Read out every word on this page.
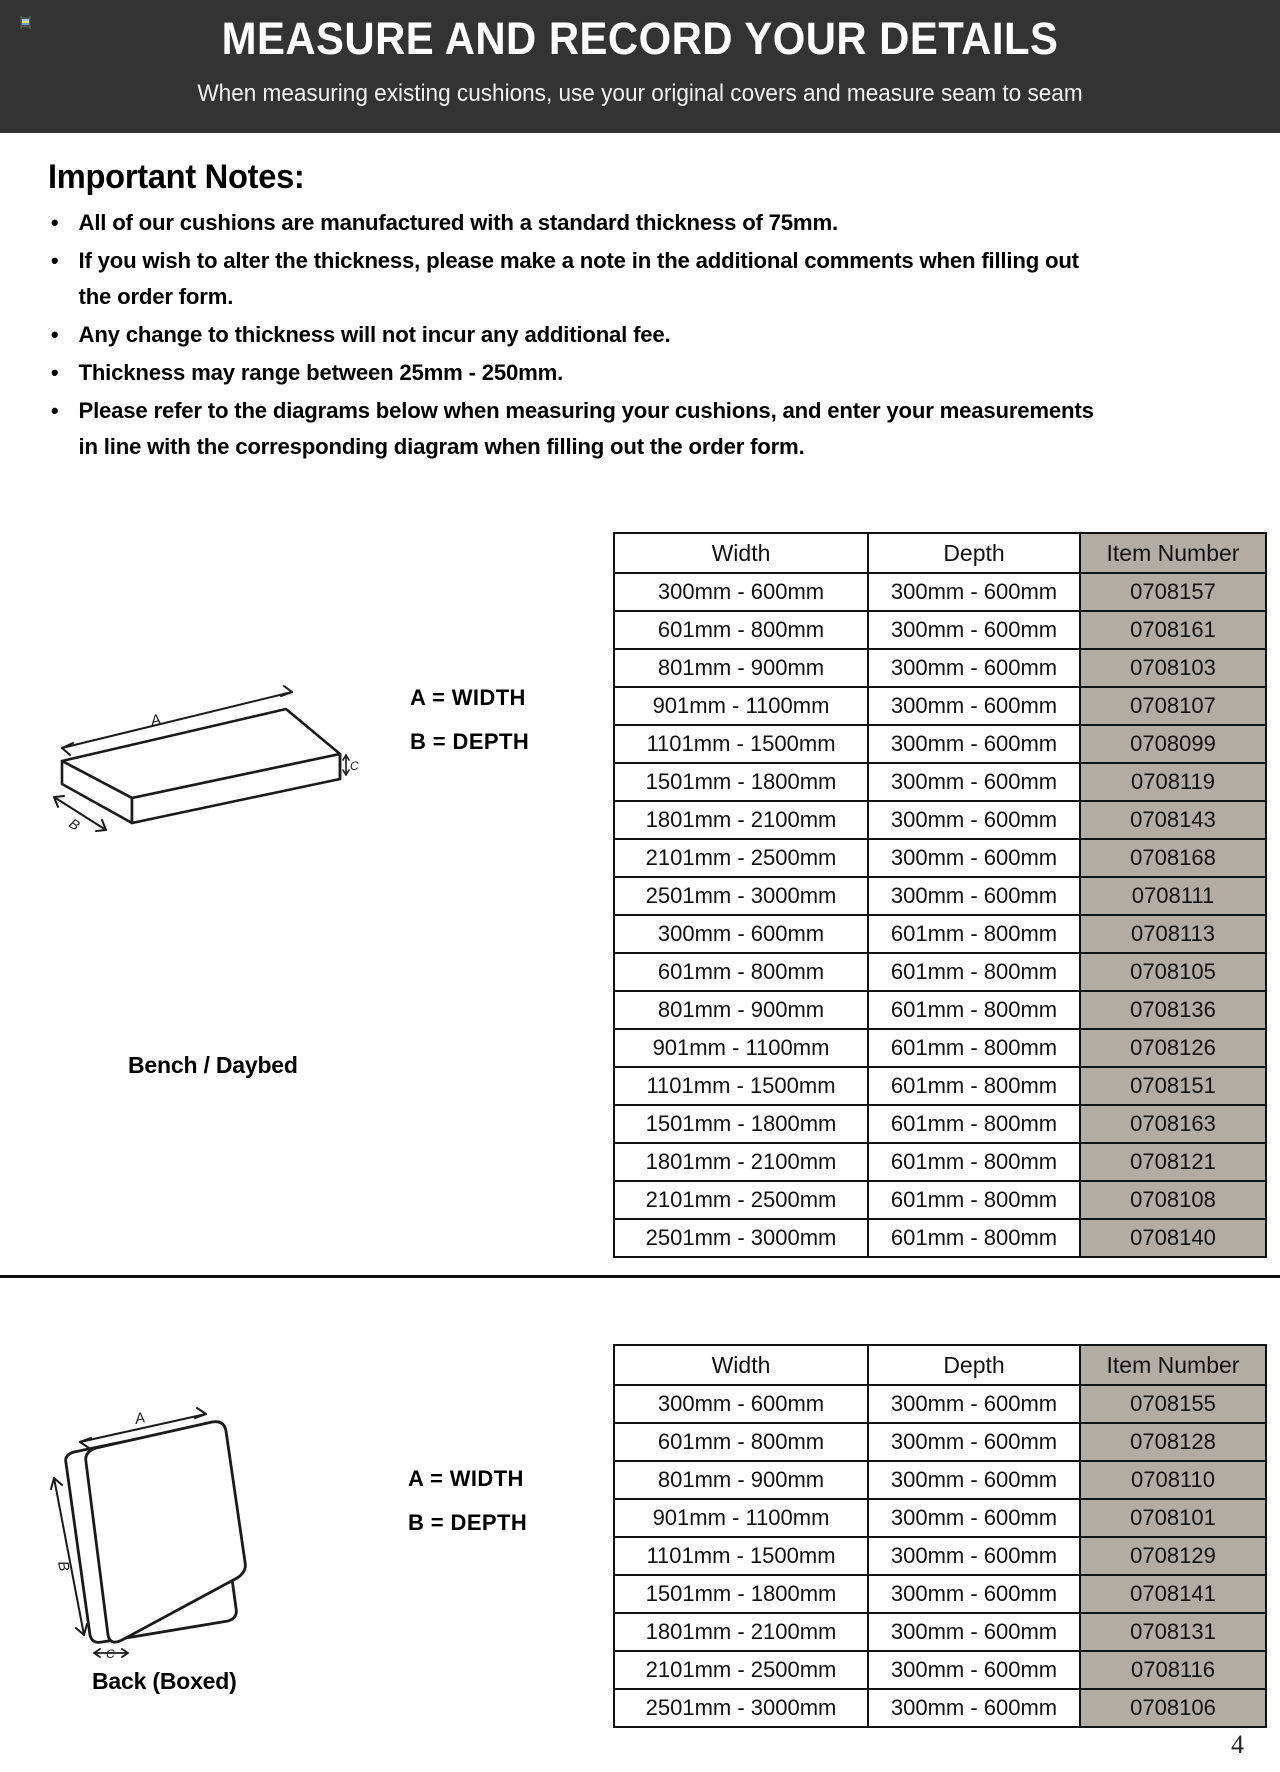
MEASURE AND RECORD YOUR DETAILS
When measuring existing cushions, use your original covers and measure seam to seam
Important Notes:
• All of our cushions are manufactured with a standard thickness of 75mm.
• If you wish to alter the thickness, please make a note in the additional comments when filling out the order form.
• Any change to thickness will not incur any additional fee.
• Thickness may range between 25mm - 250mm.
• Please refer to the diagrams below when measuring your cushions, and enter your measurements in line with the corresponding diagram when filling out the order form.
A
B
C
Bench / Daybed
A = WIDTH
B = DEPTH
Width	Depth	Item Number
300mm - 600mm	300mm - 600mm	0708157
601mm - 800mm	300mm - 600mm	0708161
801mm - 900mm	300mm - 600mm	0708103
901mm - 1100mm	300mm - 600mm	0708107
1101mm - 1500mm	300mm - 600mm	0708099
1501mm - 1800mm	300mm - 600mm	0708119
1801mm - 2100mm	300mm - 600mm	0708143
2101mm - 2500mm	300mm - 600mm	0708168
2501mm - 3000mm	300mm - 600mm	0708111
300mm - 600mm	601mm - 800mm	0708113
601mm - 800mm	601mm - 800mm	0708105
801mm - 900mm	601mm - 800mm	0708136
901mm - 1100mm	601mm - 800mm	0708126
1101mm - 1500mm	601mm - 800mm	0708151
1501mm - 1800mm	601mm - 800mm	0708163
1801mm - 2100mm	601mm - 800mm	0708121
2101mm - 2500mm	601mm - 800mm	0708108
2501mm - 3000mm	601mm - 800mm	0708140
A
B
C
Back (Boxed)
A = WIDTH
B = DEPTH
Width	Depth	Item Number
300mm - 600mm	300mm - 600mm	0708155
601mm - 800mm	300mm - 600mm	0708128
801mm - 900mm	300mm - 600mm	0708110
901mm - 1100mm	300mm - 600mm	0708101
1101mm - 1500mm	300mm - 600mm	0708129
1501mm - 1800mm	300mm - 600mm	0708141
1801mm - 2100mm	300mm - 600mm	0708131
2101mm - 2500mm	300mm - 600mm	0708116
2501mm - 3000mm	300mm - 600mm	0708106
4
